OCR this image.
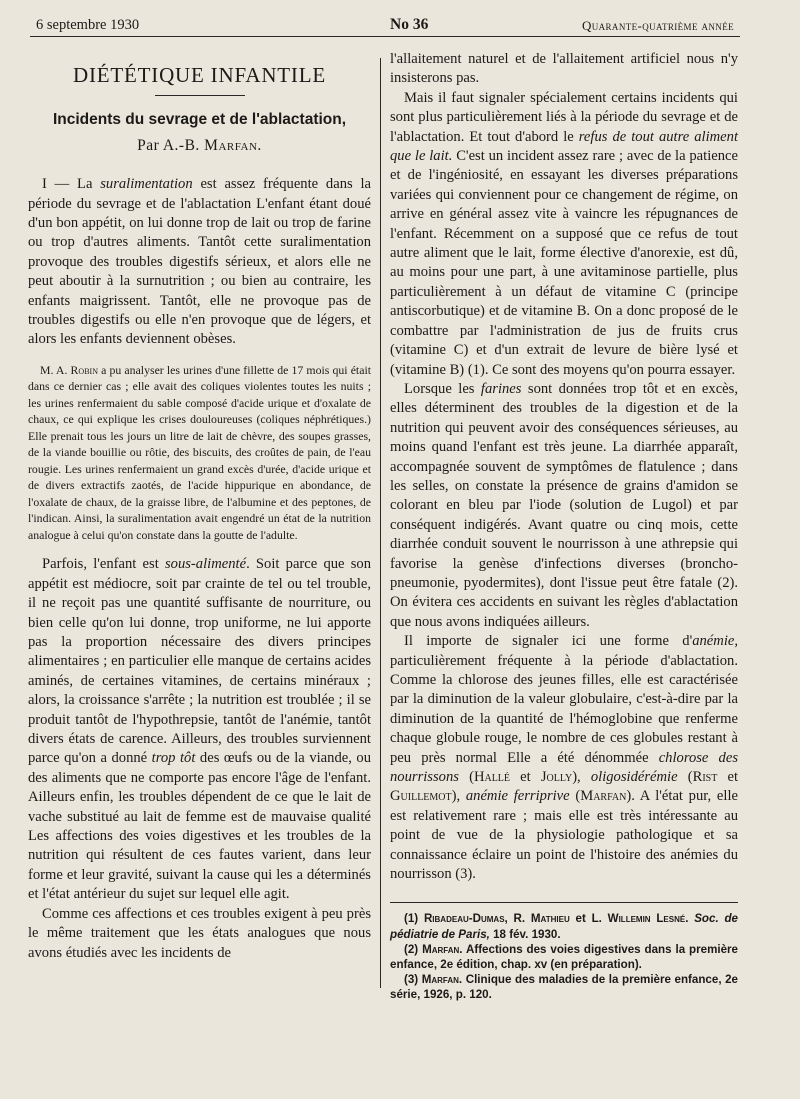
6 septembre 1930	No 36	Quarante-quatrième année
DIÉTÉTIQUE INFANTILE
Incidents du sevrage et de l'ablactation,
Par A.-B. Marfan.

I — La suralimentation est assez fréquente dans la période du sevrage et de l'ablactation L'enfant étant doué d'un bon appétit, on lui donne trop de lait ou trop de farine ou trop d'autres aliments. Tantôt cette suralimentation provoque des troubles digestifs sérieux, et alors elle ne peut aboutir à la surnutrition ; ou bien au contraire, les enfants maigrissent. Tantôt, elle ne provoque pas de troubles digestifs ou elle n'en provoque que de légers, et alors les enfants deviennent obèses.

M. A. Robin a pu analyser les urines d'une fillette de 17 mois qui était dans ce dernier cas ; elle avait des coliques violentes toutes les nuits ; les urines renfermaient du sable composé d'acide urique et d'oxalate de chaux, ce qui explique les crises douloureuses (coliques néphrétiques.) Elle prenait tous les jours un litre de lait de chèvre, des soupes grasses, de la viande bouillie ou rôtie, des biscuits, des croûtes de pain, de l'eau rougie. Les urines renfermaient un grand excès d'urée, d'acide urique et de divers extractifs zaotés, de l'acide hippurique en abondance, de l'oxalate de chaux, de la graisse libre, de l'albumine et des peptones, de l'indican. Ainsi, la suralimentation avait engendré un état de la nutrition analogue à celui qu'on constate dans la goutte de l'adulte.

Parfois, l'enfant est sous-alimenté. Soit parce que son appétit est médiocre, soit par crainte de tel ou tel trouble, il ne reçoit pas une quantité suffisante de nourriture, ou bien celle qu'on lui donne, trop uniforme, ne lui apporte pas la proportion nécessaire des divers principes alimentaires ; en particulier elle manque de certains acides aminés, de certaines vitamines, de certains minéraux ; alors, la croissance s'arrête ; la nutrition est troublée ; il se produit tantôt de l'hypothrepsie, tantôt de l'anémie, tantôt divers états de carence. Ailleurs, des troubles surviennent parce qu'on a donné trop tôt des œufs ou de la viande, ou des aliments que ne comporte pas encore l'âge de l'enfant. Ailleurs enfin, les troubles dépendent de ce que le lait de vache substitué au lait de femme est de mauvaise qualité Les affections des voies digestives et les troubles de la nutrition qui résultent de ces fautes varient, dans leur forme et leur gravité, suivant la cause qui les a déterminés et l'état antérieur du sujet sur lequel elle agit.

Comme ces affections et ces troubles exigent à peu près le même traitement que les états analogues que nous avons étudiés avec les incidents de

l'allaitement naturel et de l'allaitement artificiel nous n'y insisterons pas.

Mais il faut signaler spécialement certains incidents qui sont plus particulièrement liés à la période du sevrage et de l'ablactation. Et tout d'abord le refus de tout autre aliment que le lait. C'est un incident assez rare ; avec de la patience et de l'ingéniosité, en essayant les diverses préparations variées qui conviennent pour ce changement de régime, on arrive en général assez vite à vaincre les répugnances de l'enfant. Récemment on a supposé que ce refus de tout autre aliment que le lait, forme élective d'anorexie, est dû, au moins pour une part, à une avitaminose partielle, plus particulièrement à un défaut de vitamine C (principe antiscorbutique) et de vitamine B. On a donc proposé de le combattre par l'administration de jus de fruits crus (vitamine C) et d'un extrait de levure de bière lysé et (vitamine B) (1). Ce sont des moyens qu'on pourra essayer.

Lorsque les farines sont données trop tôt et en excès, elles déterminent des troubles de la digestion et de la nutrition qui peuvent avoir des conséquences sérieuses, au moins quand l'enfant est très jeune. La diarrhée apparaît, accompagnée souvent de symptômes de flatulence ; dans les selles, on constate la présence de grains d'amidon se colorant en bleu par l'iode (solution de Lugol) et par conséquent indigérés. Avant quatre ou cinq mois, cette diarrhée conduit souvent le nourrisson à une athrepsie qui favorise la genèse d'infections diverses (broncho-pneumonie, pyodermites), dont l'issue peut être fatale (2). On évitera ces accidents en suivant les règles d'ablactation que nous avons indiquées ailleurs.

Il importe de signaler ici une forme d'anémie, particulièrement fréquente à la période d'ablactation. Comme la chlorose des jeunes filles, elle est caractérisée par la diminution de la valeur globulaire, c'est-à-dire par la diminution de la quantité de l'hémoglobine que renferme chaque globule rouge, le nombre de ces globules restant à peu près normal Elle a été dénommée chlorose des nourrissons (Hallé et Jolly), oligosidérémie (Rist et Guillemot), anémie ferriprive (Marfan). A l'état pur, elle est relativement rare ; mais elle est très intéressante au point de vue de la physiologie pathologique et sa connaissance éclaire un point de l'histoire des anémies du nourrisson (3).

(1) Ribadeau-Dumas, R. Mathieu et L. Willemin Lesné. Soc. de pédiatrie de Paris, 18 fév. 1930.

(2) Marfan. Affections des voies digestives dans la première enfance, 2e édition, chap. xv (en préparation).

(3) Marfan. Clinique des maladies de la première enfance, 2e série, 1926, p. 120.
